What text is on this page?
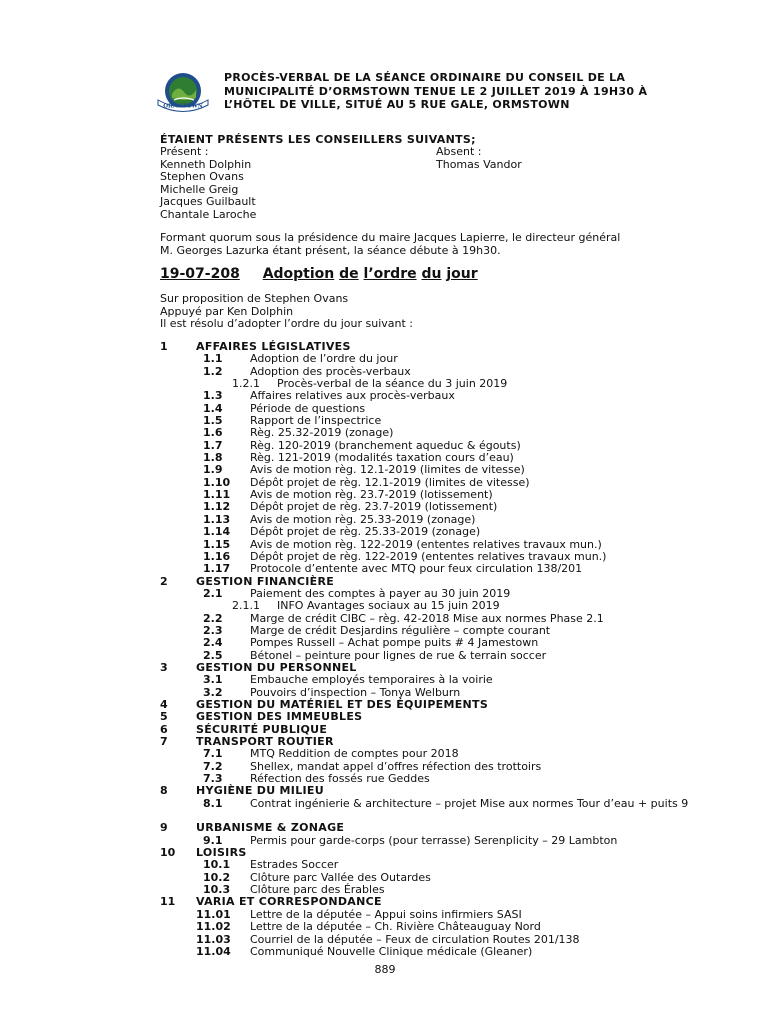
ORMSTOWN
PROCÈS-VERBAL DE LA SÉANCE ORDINAIRE DU CONSEIL DE LA
MUNICIPALITÉ D’ORMSTOWN TENUE LE 2 JUILLET 2019 À 19H30 À
L’HÔTEL DE VILLE, SITUÉ AU 5 RUE GALE, ORMSTOWN
ÉTAIENT PRÉSENTS LES CONSEILLERS SUIVANTS;
Présent :
Kenneth Dolphin
Stephen Ovans
Michelle Greig
Jacques Guilbault
Chantale Laroche
Absent :
Thomas Vandor
Formant quorum sous la présidence du maire Jacques Lapierre, le directeur général
M. Georges Lazurka étant présent, la séance débute à 19h30.
19-07-208 Adoption de l’ordre du jour
Sur proposition de Stephen Ovans
Appuyé par Ken Dolphin
Il est résolu d’adopter l’ordre du jour suivant :
1	AFFAIRES LÉGISLATIVES
1.1	Adoption de l’ordre du jour
1.2	Adoption des procès-verbaux
1.2.1 Procès-verbal de la séance du 3 juin 2019
1.3	Affaires relatives aux procès-verbaux
1.4	Période de questions
1.5	Rapport de l’inspectrice
1.6	Règ. 25.32-2019 (zonage)
1.7	Règ. 120-2019 (branchement aqueduc & égouts)
1.8	Règ. 121-2019 (modalités taxation cours d’eau)
1.9	Avis de motion règ. 12.1-2019 (limites de vitesse)
1.10	Dépôt projet de règ. 12.1-2019 (limites de vitesse)
1.11	Avis de motion règ. 23.7-2019 (lotissement)
1.12	Dépôt projet de règ. 23.7-2019 (lotissement)
1.13	Avis de motion règ. 25.33-2019 (zonage)
1.14	Dépôt projet de règ. 25.33-2019 (zonage)
1.15	Avis de motion règ. 122-2019 (ententes relatives travaux mun.)
1.16	Dépôt projet de règ. 122-2019 (ententes relatives travaux mun.)
1.17	Protocole d’entente avec MTQ pour feux circulation 138/201
2	GESTION FINANCIÈRE
2.1	Paiement des comptes à payer au 30 juin 2019
2.1.1 INFO Avantages sociaux au 15 juin 2019
2.2	Marge de crédit CIBC – règ. 42-2018 Mise aux normes Phase 2.1
2.3	Marge de crédit Desjardins régulière – compte courant
2.4	Pompes Russell – Achat pompe puits # 4 Jamestown
2.5	Bétonel – peinture pour lignes de rue & terrain soccer
3	GESTION DU PERSONNEL
3.1	Embauche employés temporaires à la voirie
3.2	Pouvoirs d’inspection – Tonya Welburn
4	GESTION DU MATÉRIEL ET DES ÉQUIPEMENTS
5	GESTION DES IMMEUBLES
6	SÉCURITÉ PUBLIQUE
7	TRANSPORT ROUTIER
7.1	MTQ Reddition de comptes pour 2018
7.2	Shellex, mandat appel d’offres réfection des trottoirs
7.3	Réfection des fossés rue Geddes
8	HYGIÈNE DU MILIEU
8.1	Contrat ingénierie & architecture – projet Mise aux normes Tour d’eau + puits 9
9	URBANISME & ZONAGE
9.1	Permis pour garde-corps (pour terrasse) Serenplicity – 29 Lambton
10 LOISIRS
10.1	Estrades Soccer
10.2	Clôture parc Vallée des Outardes
10.3	Clôture parc des Érables
11 VARIA ET CORRESPONDANCE
11.01	Lettre de la députée – Appui soins infirmiers SASI
11.02	Lettre de la députée – Ch. Rivière Châteauguay Nord
11.03	Courriel de la députée – Feux de circulation Routes 201/138
11.04	Communiqué Nouvelle Clinique médicale (Gleaner)
889
